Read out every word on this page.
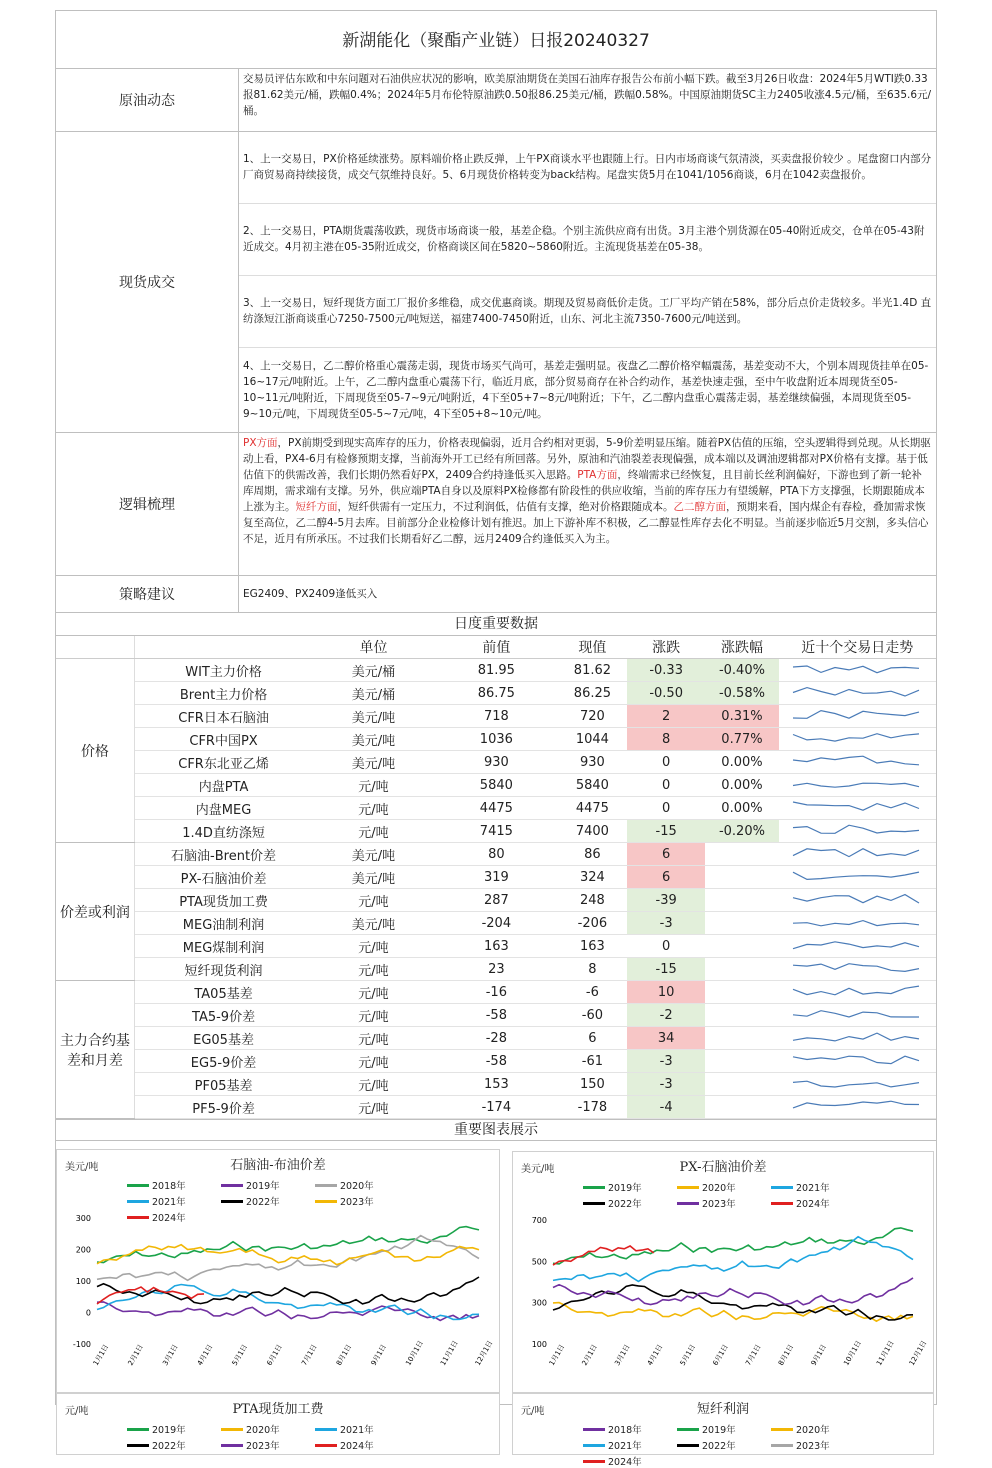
新湖能化（聚酯产业链）日报20240327
原油动态
交易员评估东欧和中东问题对石油供应状况的影响，欧美原油期货在美国石油库存报告公布前小幅下跌。截至3月26日收盘：2024年5月WTI跌0.33报81.62美元/桶，跌幅0.4%；2024年5月布伦特原油跌0.50报86.25美元/桶，跌幅0.58%。中国原油期货SC主力2405收涨4.5元/桶，至635.6元/桶。
现货成交
1、上一交易日，PX价格延续涨势。原料端价格止跌反弹，上午PX商谈水平也跟随上行。日内市场商谈气氛清淡，买卖盘报价较少 。尾盘窗口内部分厂商贸易商持续接货，成交气氛维持良好。5、6月现货价格转变为back结构。尾盘实货5月在1041/1056商谈，6月在1042卖盘报价。
2、上一交易日，PTA期货震荡收跌，现货市场商谈一般，基差企稳。个别主流供应商有出货。3月主港个别货源在05-40附近成交，仓单在05-43附近成交。4月初主港在05-35附近成交，价格商谈区间在5820~5860附近。主流现货基差在05-38。
3、上一交易日，短纤现货方面工厂报价多维稳，成交优惠商谈。期现及贸易商低价走货。工厂平均产销在58%，部分后点价走货较多。半光1.4D 直纺涤短江浙商谈重心7250-7500元/吨短送，福建7400-7450附近，山东、河北主流7350-7600元/吨送到。
4、上一交易日，乙二醇价格重心震荡走弱，现货市场买气尚可，基差走强明显。夜盘乙二醇价格窄幅震荡，基差变动不大，个别本周现货挂单在05-16~17元/吨附近。上午，乙二醇内盘重心震荡下行，临近月底，部分贸易商存在补合约动作，基差快速走强，至中午收盘附近本周现货至05-10~11元/吨附近，下周现货至05-7~9元/吨附近，4下至05+7~8元/吨附近；下午，乙二醇内盘重心震荡走弱，基差继续偏强，本周现货至05-9~10元/吨，下周现货至05-5~7元/吨，4下至05+8~10元/吨。
逻辑梳理
PX方面，PX前期受到现实高库存的压力，价格表现偏弱，近月合约相对更弱，5-9价差明显压缩。随着PX估值的压缩，空头逻辑得到兑现。从长期驱动上看，PX4-6月有检修预期支撑，当前海外开工已经有所回落。另外，原油和汽油裂差表现偏强，成本端以及调油逻辑都对PX价格有支撑。基于低估值下的供需改善，我们长期仍然看好PX，2409合约持逢低买入思路。PTA方面，终端需求已经恢复，且目前长丝利润偏好，下游也到了新一轮补库周期，需求端有支撑。另外，供应端PTA自身以及原料PX检修都有阶段性的供应收缩，当前的库存压力有望缓解，PTA下方支撑强，长期跟随成本上涨为主。短纤方面，短纤供需有一定压力，不过利润低，估值有支撑，绝对价格跟随成本。乙二醇方面，预期来看，国内煤企有春检，叠加需求恢复至高位，乙二醇4-5月去库。目前部分企业检修计划有推迟。加上下游补库不积极，乙二醇显性库存去化不明显。当前逐步临近5月交割，多头信心不足，近月有所承压。不过我们长期看好乙二醇，远月2409合约逢低买入为主。
策略建议	EG2409、PX2409逢低买入
日度重要数据
		单位	前值	现值	涨跌	涨跌幅	近十个交易日走势
价格	WIT主力价格	美元/桶	81.95	81.62	-0.33	-0.40%	
	Brent主力价格	美元/桶	86.75	86.25	-0.50	-0.58%	
	CFR日本石脑油	美元/吨	718	720	2	0.31%	
	CFR中国PX	美元/吨	1036	1044	8	0.77%	
	CFR东北亚乙烯	美元/吨	930	930	0	0.00%	
	内盘PTA	元/吨	5840	5840	0	0.00%	
	内盘MEG	元/吨	4475	4475	0	0.00%	
	1.4D直纺涤短	元/吨	7415	7400	-15	-0.20%	
价差或利润	石脑油-Brent价差	美元/吨	80	86	6		
	PX-石脑油价差	美元/吨	319	324	6		
	PTA现货加工费	元/吨	287	248	-39		
	MEG油制利润	美元/吨	-204	-206	-3		
	MEG煤制利润	元/吨	163	163	0		
	短纤现货利润	元/吨	23	8	-15		
主力合约基差和月差	TA05基差	元/吨	-16	-6	10		
	TA5-9价差	元/吨	-58	-60	-2		
	EG05基差	元/吨	-28	6	34		
	EG5-9价差	元/吨	-58	-61	-3		
	PF05基差	元/吨	153	150	-3		
	PF5-9价差	元/吨	-174	-178	-4		
重要图表展示
美元/吨	石脑油-布油价差
2018年	2019年	2020年
2021年	2022年	2023年
2024年
300
200
100
0
-100 1月1日 2月1日 3月1日 4月1日 5月1日 6月1日 7月1日 8月1日 9月1日 10月1日 11月1日 12月1日
美元/吨	PX-石脑油价差
2019年	2020年	2021年
2022年	2023年	2024年
700
500
300
100 1月1日 2月1日 3月1日 4月1日 5月1日 6月1日 7月1日 8月1日 9月1日 10月1日 11月1日 12月1日
元/吨	PTA现货加工费
2019年	2020年	2021年
2022年	2023年	2024年
元/吨	短纤利润
2018年	2019年	2020年
2021年	2022年	2023年
2024年
